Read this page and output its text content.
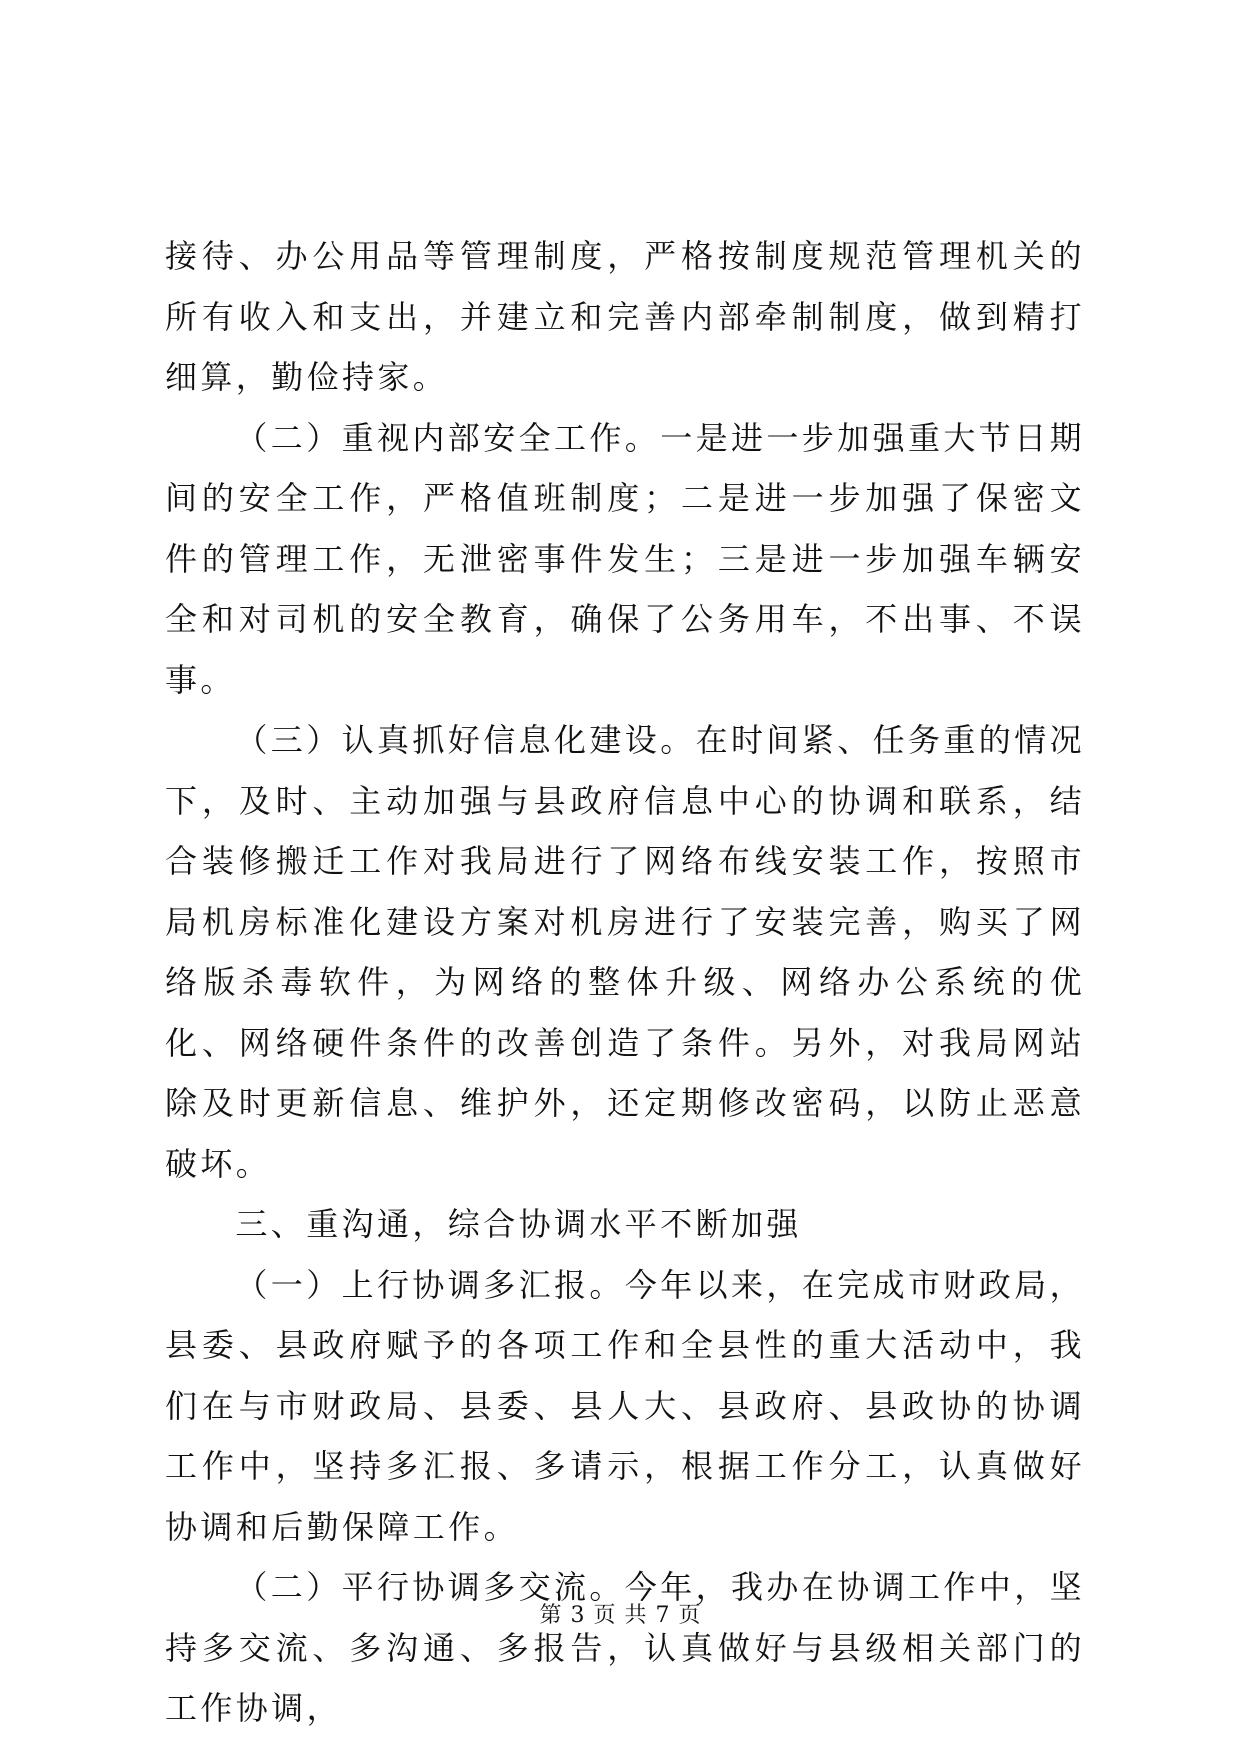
接待、办公用品等管理制度，严格按制度规范管理机关的所有收入和支出，并建立和完善内部牵制制度，做到精打细算，勤俭持家。

（二）重视内部安全工作。一是进一步加强重大节日期间的安全工作，严格值班制度；二是进一步加强了保密文件的管理工作，无泄密事件发生；三是进一步加强车辆安全和对司机的安全教育，确保了公务用车，不出事、不误事。

（三）认真抓好信息化建设。在时间紧、任务重的情况下，及时、主动加强与县政府信息中心的协调和联系，结合装修搬迁工作对我局进行了网络布线安装工作，按照市局机房标准化建设方案对机房进行了安装完善，购买了网络版杀毒软件，为网络的整体升级、网络办公系统的优化、网络硬件条件的改善创造了条件。另外，对我局网站除及时更新信息、维护外，还定期修改密码，以防止恶意破坏。

三、重沟通，综合协调水平不断加强

（一）上行协调多汇报。今年以来，在完成市财政局，县委、县政府赋予的各项工作和全县性的重大活动中，我们在与市财政局、县委、县人大、县政府、县政协的协调工作中，坚持多汇报、多请示，根据工作分工，认真做好协调和后勤保障工作。

（二）平行协调多交流。今年，我办在协调工作中，坚持多交流、多沟通、多报告，认真做好与县级相关部门的工作协调，

第 3 页 共 7 页
